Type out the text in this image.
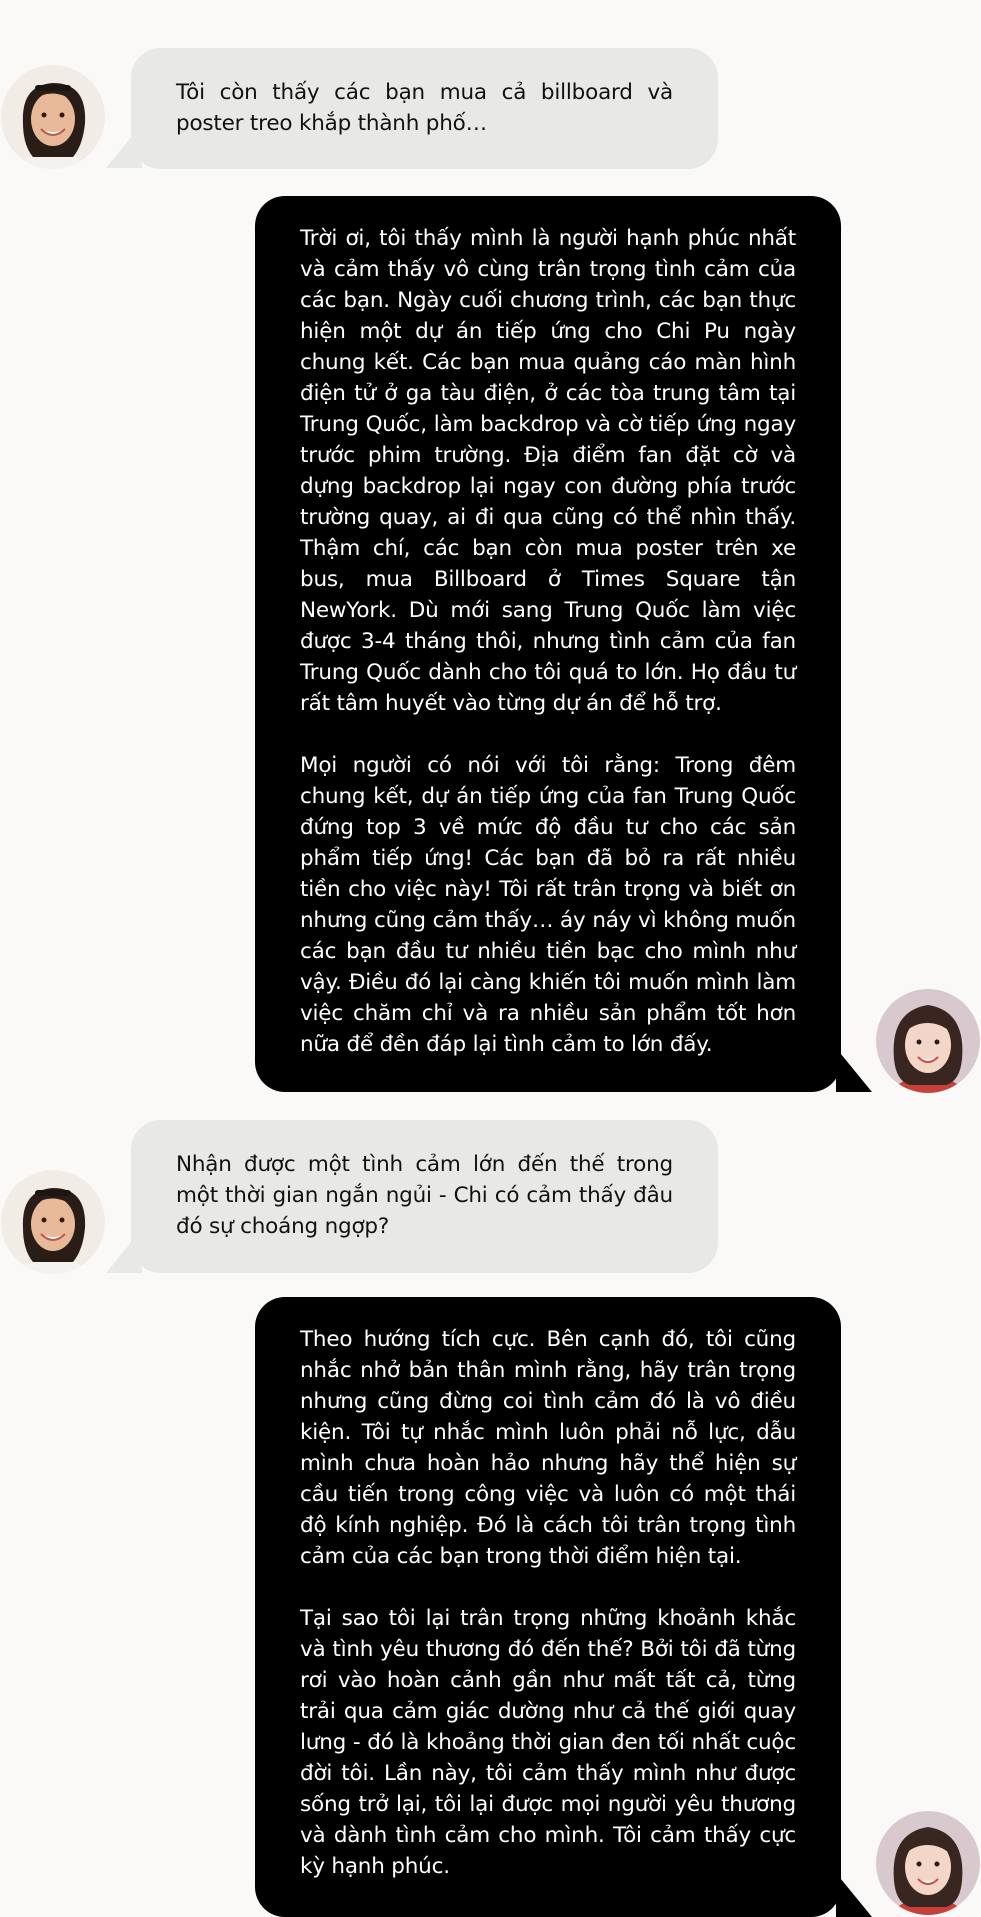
Tôi còn thấy các bạn mua cả billboard và poster treo khắp thành phố…

Trời ơi, tôi thấy mình là người hạnh phúc nhất và cảm thấy vô cùng trân trọng tình cảm của các bạn. Ngày cuối chương trình, các bạn thực hiện một dự án tiếp ứng cho Chi Pu ngày chung kết. Các bạn mua quảng cáo màn hình điện tử ở ga tàu điện, ở các tòa trung tâm tại Trung Quốc, làm backdrop và cờ tiếp ứng ngay trước phim trường. Địa điểm fan đặt cờ và dựng backdrop lại ngay con đường phía trước trường quay, ai đi qua cũng có thể nhìn thấy. Thậm chí, các bạn còn mua poster trên xe bus, mua Billboard ở Times Square tận NewYork. Dù mới sang Trung Quốc làm việc được 3-4 tháng thôi, nhưng tình cảm của fan Trung Quốc dành cho tôi quá to lớn. Họ đầu tư rất tâm huyết vào từng dự án để hỗ trợ.

Mọi người có nói với tôi rằng: Trong đêm chung kết, dự án tiếp ứng của fan Trung Quốc đứng top 3 về mức độ đầu tư cho các sản phẩm tiếp ứng! Các bạn đã bỏ ra rất nhiều tiền cho việc này! Tôi rất trân trọng và biết ơn nhưng cũng cảm thấy… áy náy vì không muốn các bạn đầu tư nhiều tiền bạc cho mình như vậy. Điều đó lại càng khiến tôi muốn mình làm việc chăm chỉ và ra nhiều sản phẩm tốt hơn nữa để đền đáp lại tình cảm to lớn đấy.

Nhận được một tình cảm lớn đến thế trong một thời gian ngắn ngủi - Chi có cảm thấy đâu đó sự choáng ngợp?

Theo hướng tích cực. Bên cạnh đó, tôi cũng nhắc nhở bản thân mình rằng, hãy trân trọng nhưng cũng đừng coi tình cảm đó là vô điều kiện. Tôi tự nhắc mình luôn phải nỗ lực, dẫu mình chưa hoàn hảo nhưng hãy thể hiện sự cầu tiến trong công việc và luôn có một thái độ kính nghiệp. Đó là cách tôi trân trọng tình cảm của các bạn trong thời điểm hiện tại.

Tại sao tôi lại trân trọng những khoảnh khắc và tình yêu thương đó đến thế? Bởi tôi đã từng rơi vào hoàn cảnh gần như mất tất cả, từng trải qua cảm giác dường như cả thế giới quay lưng - đó là khoảng thời gian đen tối nhất cuộc đời tôi. Lần này, tôi cảm thấy mình như được sống trở lại, tôi lại được mọi người yêu thương và dành tình cảm cho mình. Tôi cảm thấy cực kỳ hạnh phúc.
